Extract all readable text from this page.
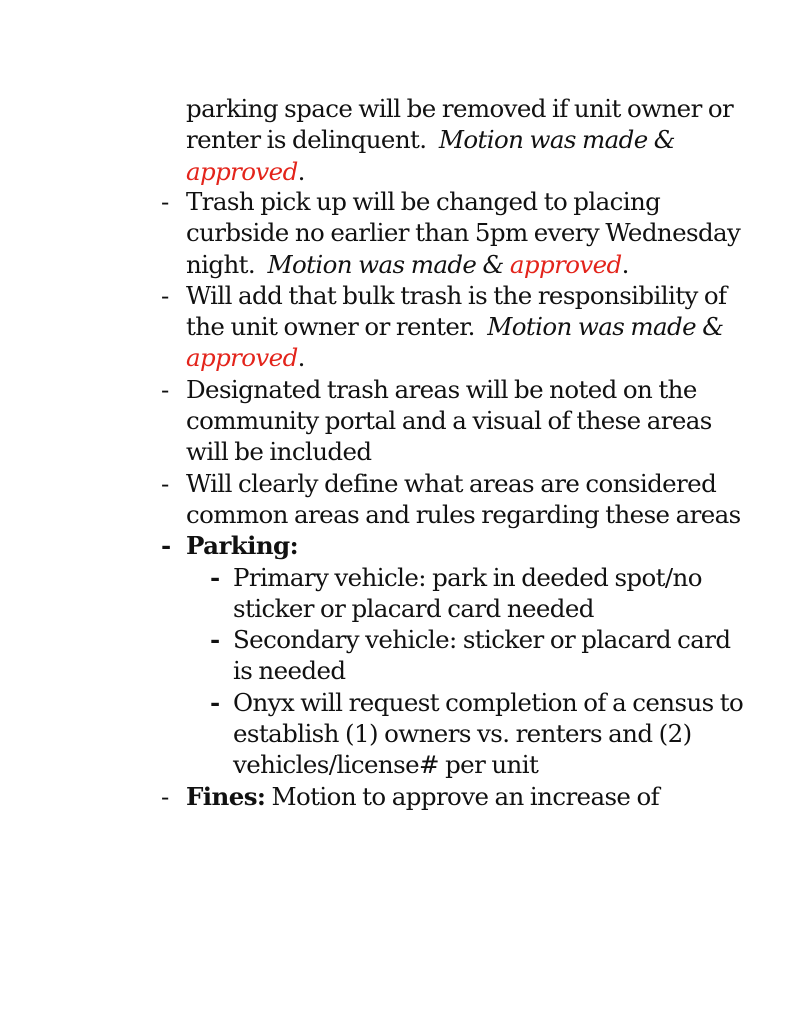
parking space will be removed if unit owner or renter is delinquent. Motion was made & approved.
- Trash pick up will be changed to placing curbside no earlier than 5pm every Wednesday night. Motion was made & approved.
- Will add that bulk trash is the responsibility of the unit owner or renter. Motion was made & approved.
- Designated trash areas will be noted on the community portal and a visual of these areas will be included
- Will clearly define what areas are considered common areas and rules regarding these areas
- Parking:
- Primary vehicle: park in deeded spot/no sticker or placard card needed
- Secondary vehicle: sticker or placard card is needed
- Onyx will request completion of a census to establish (1) owners vs. renters and (2) vehicles/license# per unit
- Fines: Motion to approve an increase of
